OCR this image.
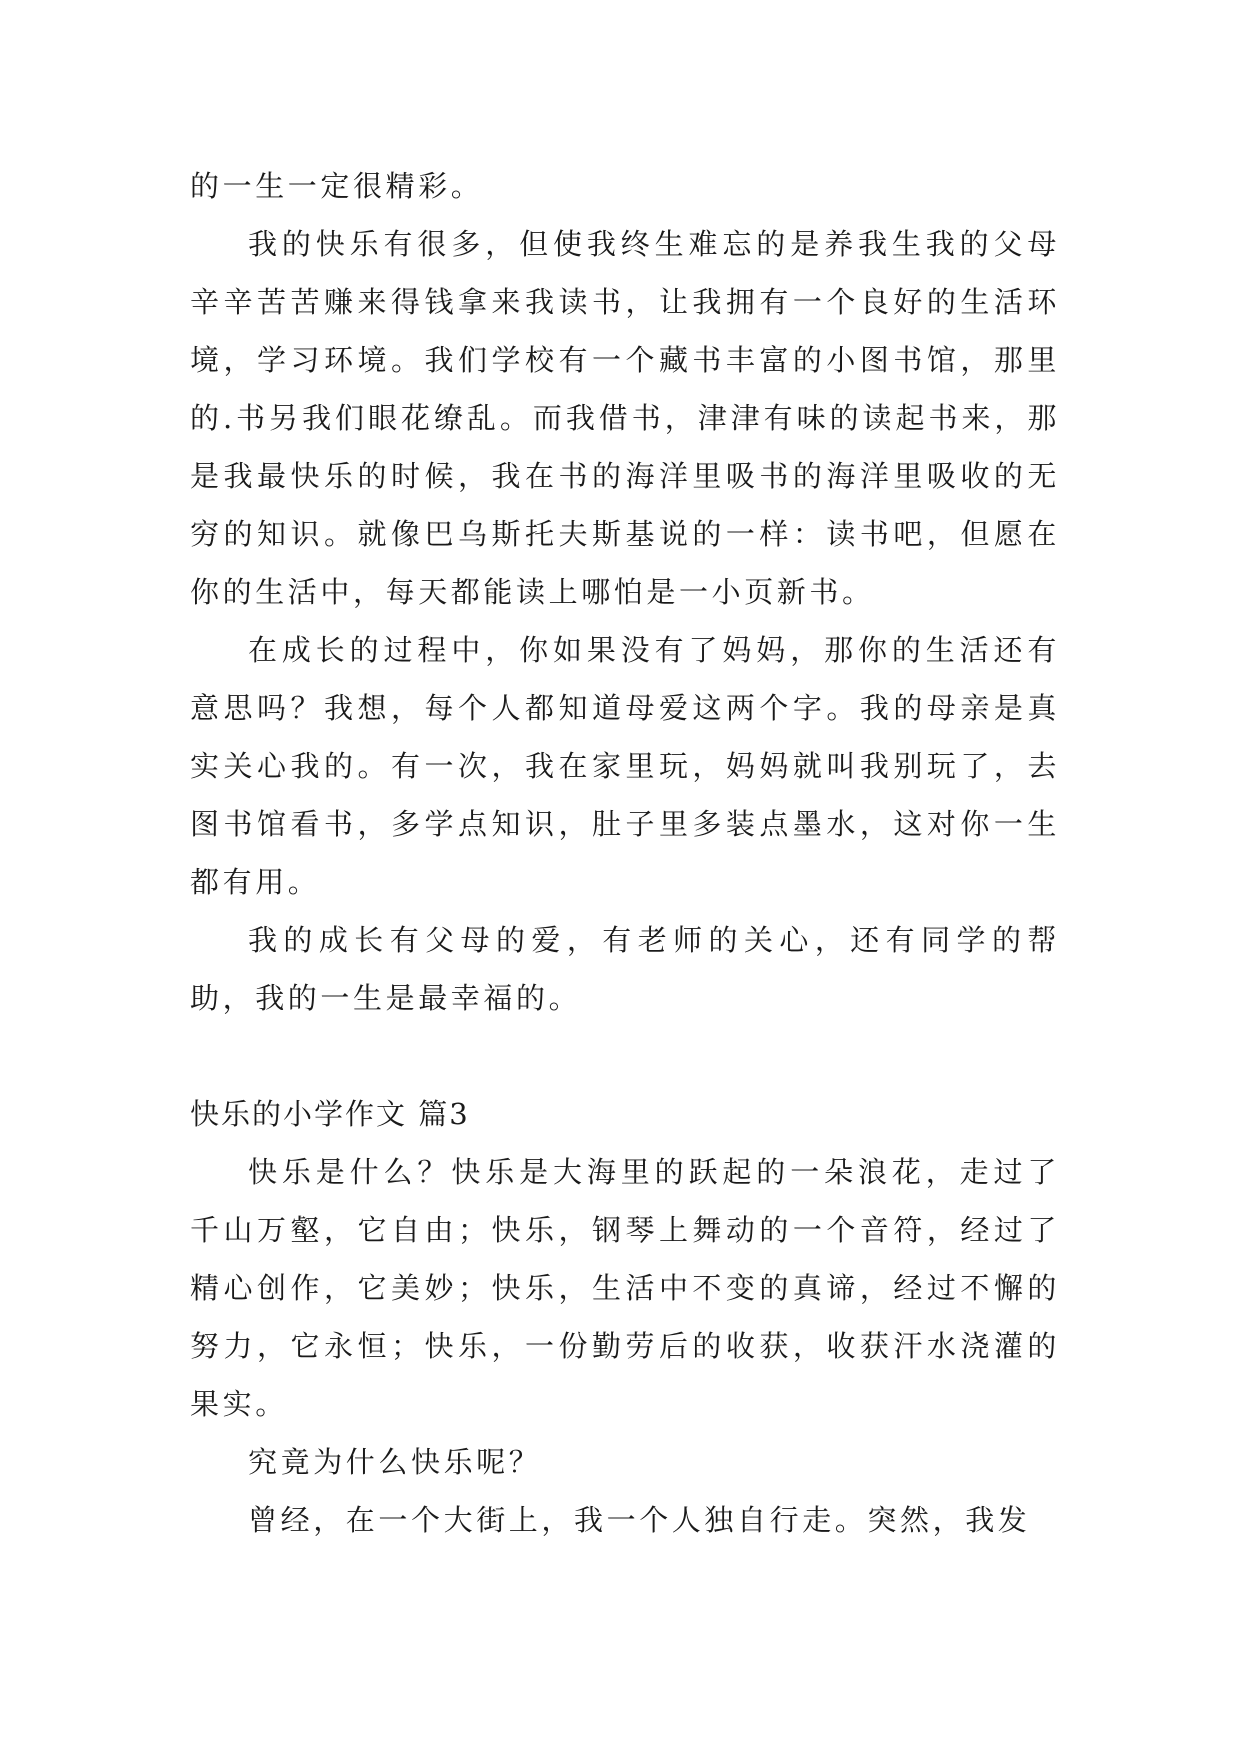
的一生一定很精彩。

我的快乐有很多，但使我终生难忘的是养我生我的父母辛辛苦苦赚来得钱拿来我读书，让我拥有一个良好的生活环境，学习环境。我们学校有一个藏书丰富的小图书馆，那里的.书另我们眼花缭乱。而我借书，津津有味的读起书来，那是我最快乐的时候，我在书的海洋里吸书的海洋里吸收的无穷的知识。就像巴乌斯托夫斯基说的一样：读书吧，但愿在你的生活中，每天都能读上哪怕是一小页新书。

在成长的过程中，你如果没有了妈妈，那你的生活还有意思吗？我想，每个人都知道母爱这两个字。我的母亲是真实关心我的。有一次，我在家里玩，妈妈就叫我别玩了，去图书馆看书，多学点知识，肚子里多装点墨水，这对你一生都有用。

我的成长有父母的爱，有老师的关心，还有同学的帮助，我的一生是最幸福的。

快乐的小学作文 篇3

快乐是什么？快乐是大海里的跃起的一朵浪花，走过了千山万壑，它自由；快乐，钢琴上舞动的一个音符，经过了精心创作，它美妙；快乐，生活中不变的真谛，经过不懈的努力，它永恒；快乐，一份勤劳后的收获，收获汗水浇灌的果实。

究竟为什么快乐呢？

曾经，在一个大街上，我一个人独自行走。突然，我发
